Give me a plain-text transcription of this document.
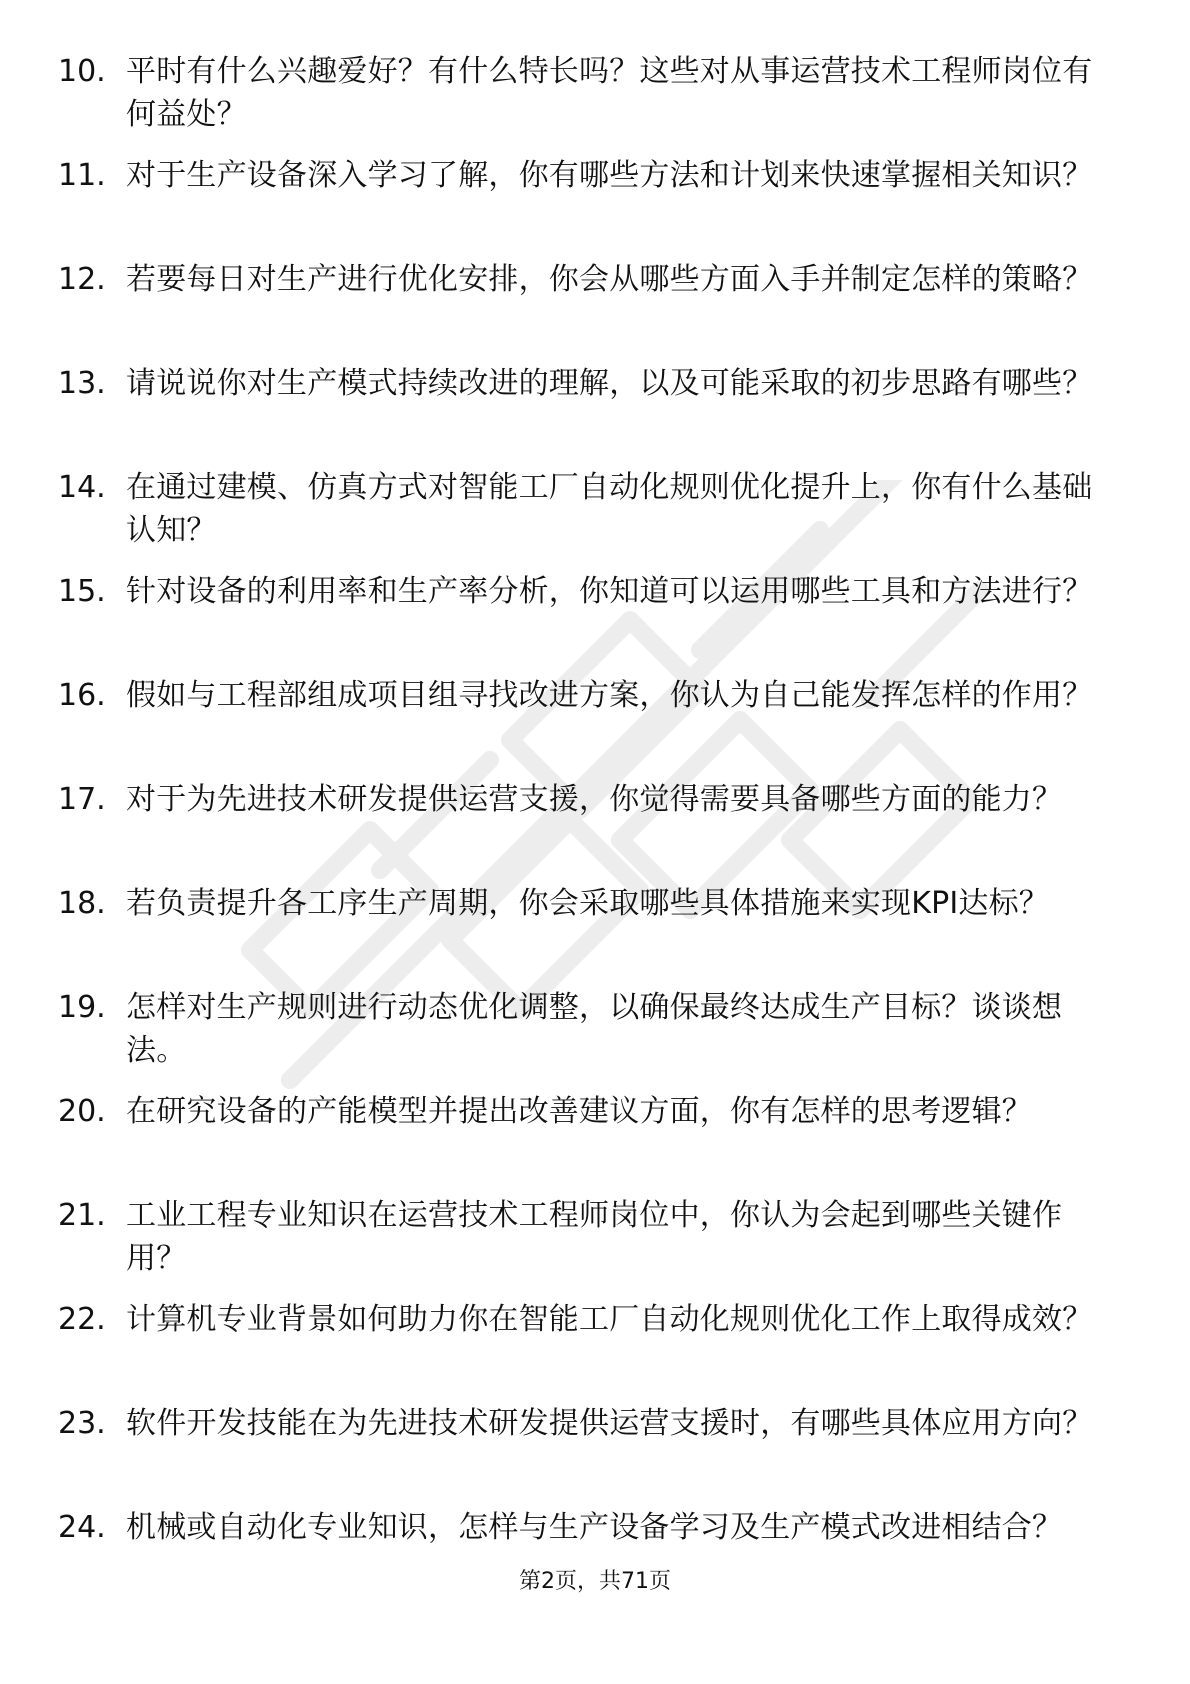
10. 平时有什么兴趣爱好？有什么特长吗？这些对从事运营技术工程师岗位有何益处？
11. 对于生产设备深入学习了解，你有哪些方法和计划来快速掌握相关知识？
12. 若要每日对生产进行优化安排，你会从哪些方面入手并制定怎样的策略？
13. 请说说你对生产模式持续改进的理解，以及可能采取的初步思路有哪些？
14. 在通过建模、仿真方式对智能工厂自动化规则优化提升上，你有什么基础认知？
15. 针对设备的利用率和生产率分析，你知道可以运用哪些工具和方法进行？
16. 假如与工程部组成项目组寻找改进方案，你认为自己能发挥怎样的作用？
17. 对于为先进技术研发提供运营支援，你觉得需要具备哪些方面的能力？
18. 若负责提升各工序生产周期，你会采取哪些具体措施来实现KPI达标？
19. 怎样对生产规则进行动态优化调整，以确保最终达成生产目标？谈谈想法。
20. 在研究设备的产能模型并提出改善建议方面，你有怎样的思考逻辑？
21. 工业工程专业知识在运营技术工程师岗位中，你认为会起到哪些关键作用？
22. 计算机专业背景如何助力你在智能工厂自动化规则优化工作上取得成效？
23. 软件开发技能在为先进技术研发提供运营支援时，有哪些具体应用方向？
24. 机械或自动化专业知识，怎样与生产设备学习及生产模式改进相结合？
第2页，共71页
